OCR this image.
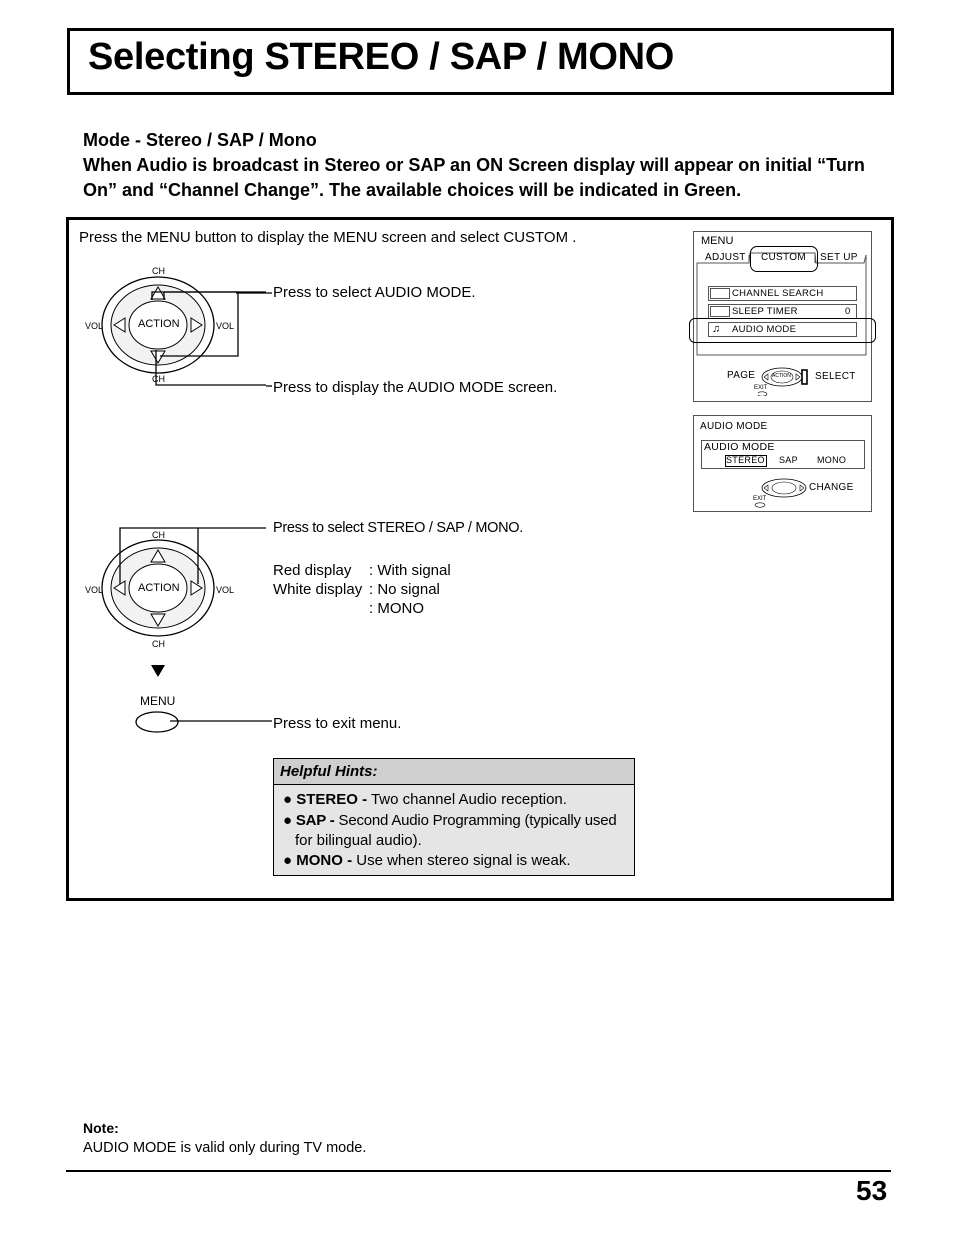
Selecting STEREO / SAP / MONO
Mode - Stereo / SAP / Mono
When Audio is broadcast in Stereo or SAP an ON Screen display will appear on initial “Turn
On” and “Channel Change”. The available choices will be indicated in Green.
Press the MENU button to display the MENU screen and select CUSTOM .
CH
CH
VOL	VOL
ACTION
Press to select AUDIO MODE.
Press to display the AUDIO MODE screen.
MENU
ADJUST CUSTOM SET UP
CHANNEL SEARCH
SLEEP TIMER	0
♫ AUDIO MODE
PAGE	ACTION
EXIT
SELECT
AUDIO MODE
AUDIO MODE
STEREO SAP MONO
EXIT
CHANGE
CH
CH
VOL	VOL
ACTION
Press to select STEREO / SAP / MONO.
Red display : With signal
White display : No signal
: MONO
MENU
Press to exit menu.
Helpful Hints:
● STEREO - Two channel Audio reception.
● SAP - Second Audio Programming (typically used
for bilingual audio).
● MONO - Use when stereo signal is weak.
Note:
AUDIO MODE is valid only during TV mode.
53
